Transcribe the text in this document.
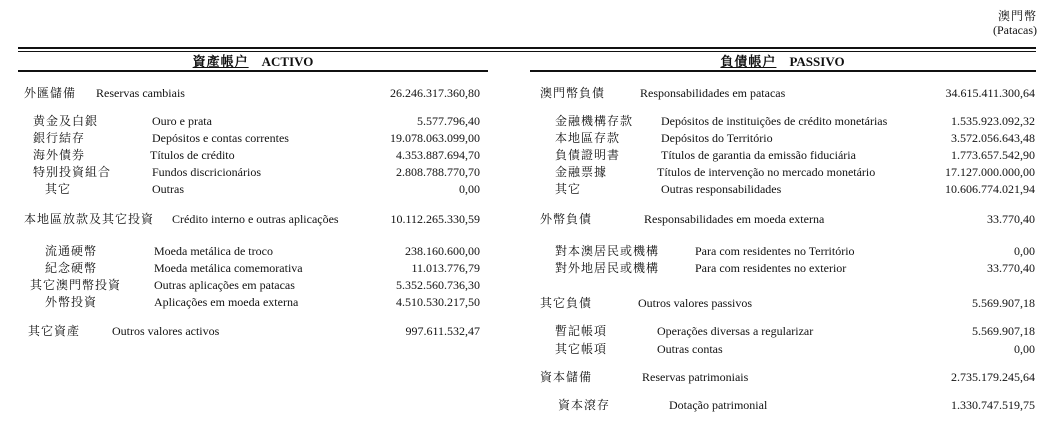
澳門幣
(Patacas)
資產帳户 ACTIVO	負債帳户 PASSIVO
外匯儲備 Reservas cambiais	26.246.317.360,80
黄金及白銀	Ouro e prata	5.577.796,40
銀行結存	Depósitos e contas correntes	19.078.063.099,00
海外債券	Títulos de crédito	4.353.887.694,70
特别投資組合	Fundos discricionários	2.808.788.770,70
其它	Outras	0,00
本地區放款及其它投資 Crédito interno e outras aplicações	10.112.265.330,59
流通硬幣	Moeda metálica de troco	238.160.600,00
紀念硬幣	Moeda metálica comemorativa	11.013.776,79
其它澳門幣投資	Outras aplicações em patacas	5.352.560.736,30
外幣投資	Aplicações em moeda externa	4.510.530.217,50
其它資產	Outros valores activos	997.611.532,47
澳門幣負債	Responsabilidades em patacas	34.615.411.300,64
金融機構存款 Depósitos de instituições de crédito monetárias	1.535.923.092,32
本地區存款	Depósitos do Território	3.572.056.643,48
負債證明書	Títulos de garantia da emissão fiduciária	1.773.657.542,90
金融票據	Títulos de intervenção no mercado monetário	17.127.000.000,00
其它	Outras responsabilidades	10.606.774.021,94
外幣負債	Responsabilidades em moeda externa	33.770,40
對本澳居民或機構	Para com residentes no Território	0,00
對外地居民或機構	Para com residentes no exterior	33.770,40
其它負債	Outros valores passivos	5.569.907,18
暫記帳項	Operações diversas a regularizar	5.569.907,18
其它帳項	Outras contas	0,00
資本儲備	Reservas patrimoniais	2.735.179.245,64
資本滾存	Dotação patrimonial	1.330.747.519,75
